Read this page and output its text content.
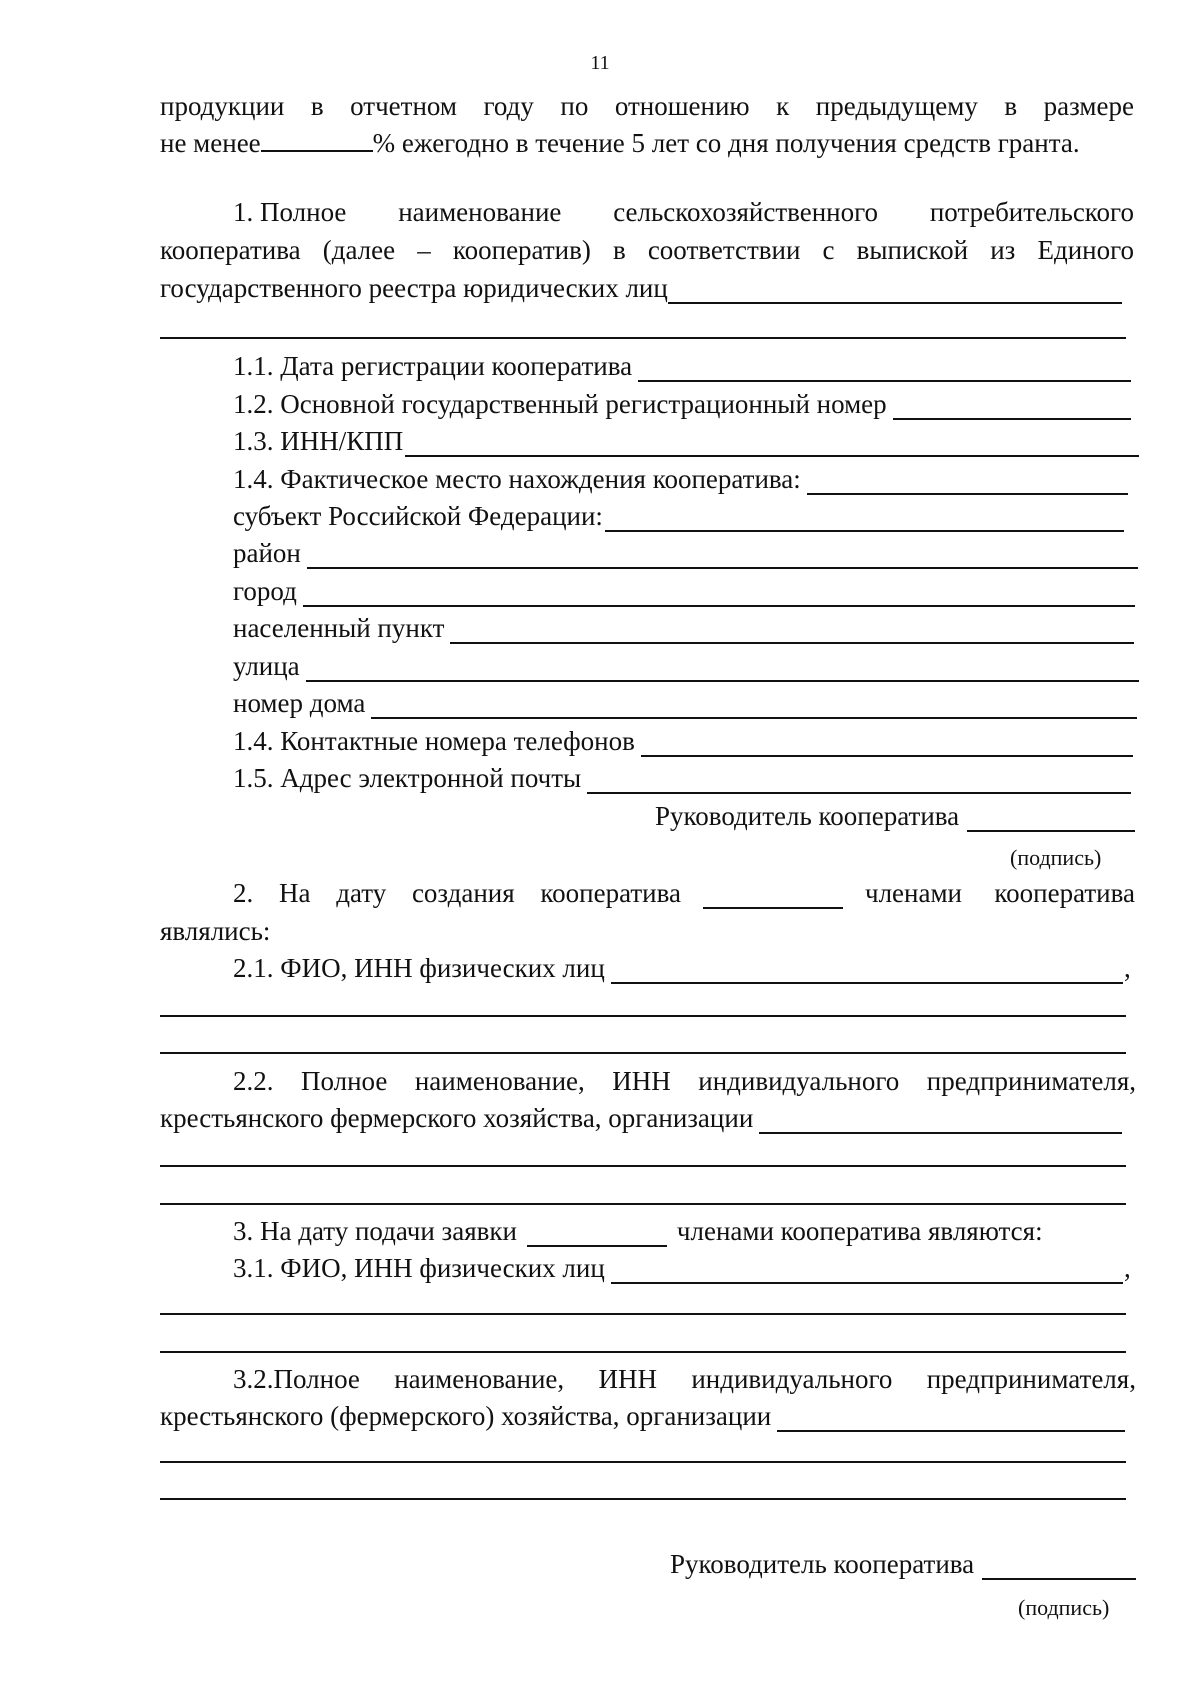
11
продукции в отчетном году по отношению к предыдущему в размере
не менее	% ежегодно в течение 5 лет со дня получения средств гранта.
1. Полное наименование сельскохозяйственного потребительского
кооператива (далее – кооператив) в соответствии с выпиской из Единого
государственного реестра юридических лиц
1.1. Дата регистрации кооператива
1.2. Основной государственный регистрационный номер
1.3. ИНН/КПП
1.4. Фактическое место нахождения кооператива:
субъект Российской Федерации:
район
город
населенный пункт
улица
номер дома
1.4. Контактные номера телефонов
1.5. Адрес электронной почты
Руководитель кооператива
(подпись)
2. На дату создания кооператива	членами кооператива
являлись:
2.1. ФИО, ИНН физических лиц	,
2.2. Полное наименование, ИНН индивидуального предпринимателя,
крестьянского фермерского хозяйства, организации
3. На дату подачи заявки	членами кооператива являются:
3.1. ФИО, ИНН физических лиц	,
3.2.Полное наименование, ИНН индивидуального предпринимателя,
крестьянского (фермерского) хозяйства, организации
Руководитель кооператива
(подпись)
